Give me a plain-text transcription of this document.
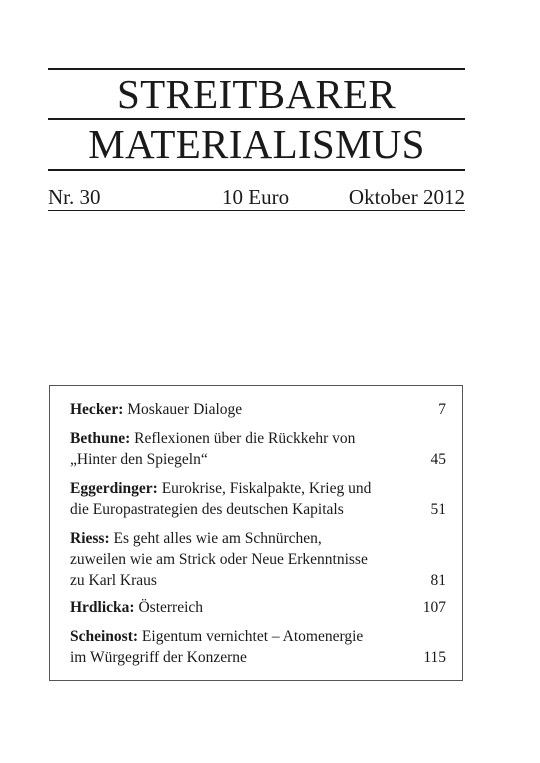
STREITBARER
MATERIALISMUS
Nr. 30	10 Euro	Oktober 2012
Hecker: Moskauer Dialoge	7
Bethune: Reflexionen über die Rückkehr von
„Hinter den Spiegeln“	45
Eggerdinger: Eurokrise, Fiskalpakte, Krieg und
die Europastrategien des deutschen Kapitals	51
Riess: Es geht alles wie am Schnürchen,
zuweilen wie am Strick oder Neue Erkenntnisse
zu Karl Kraus	81
Hrdlicka: Österreich	107
Scheinost: Eigentum vernichtet – Atomenergie
im Würgegriff der Konzerne	115
